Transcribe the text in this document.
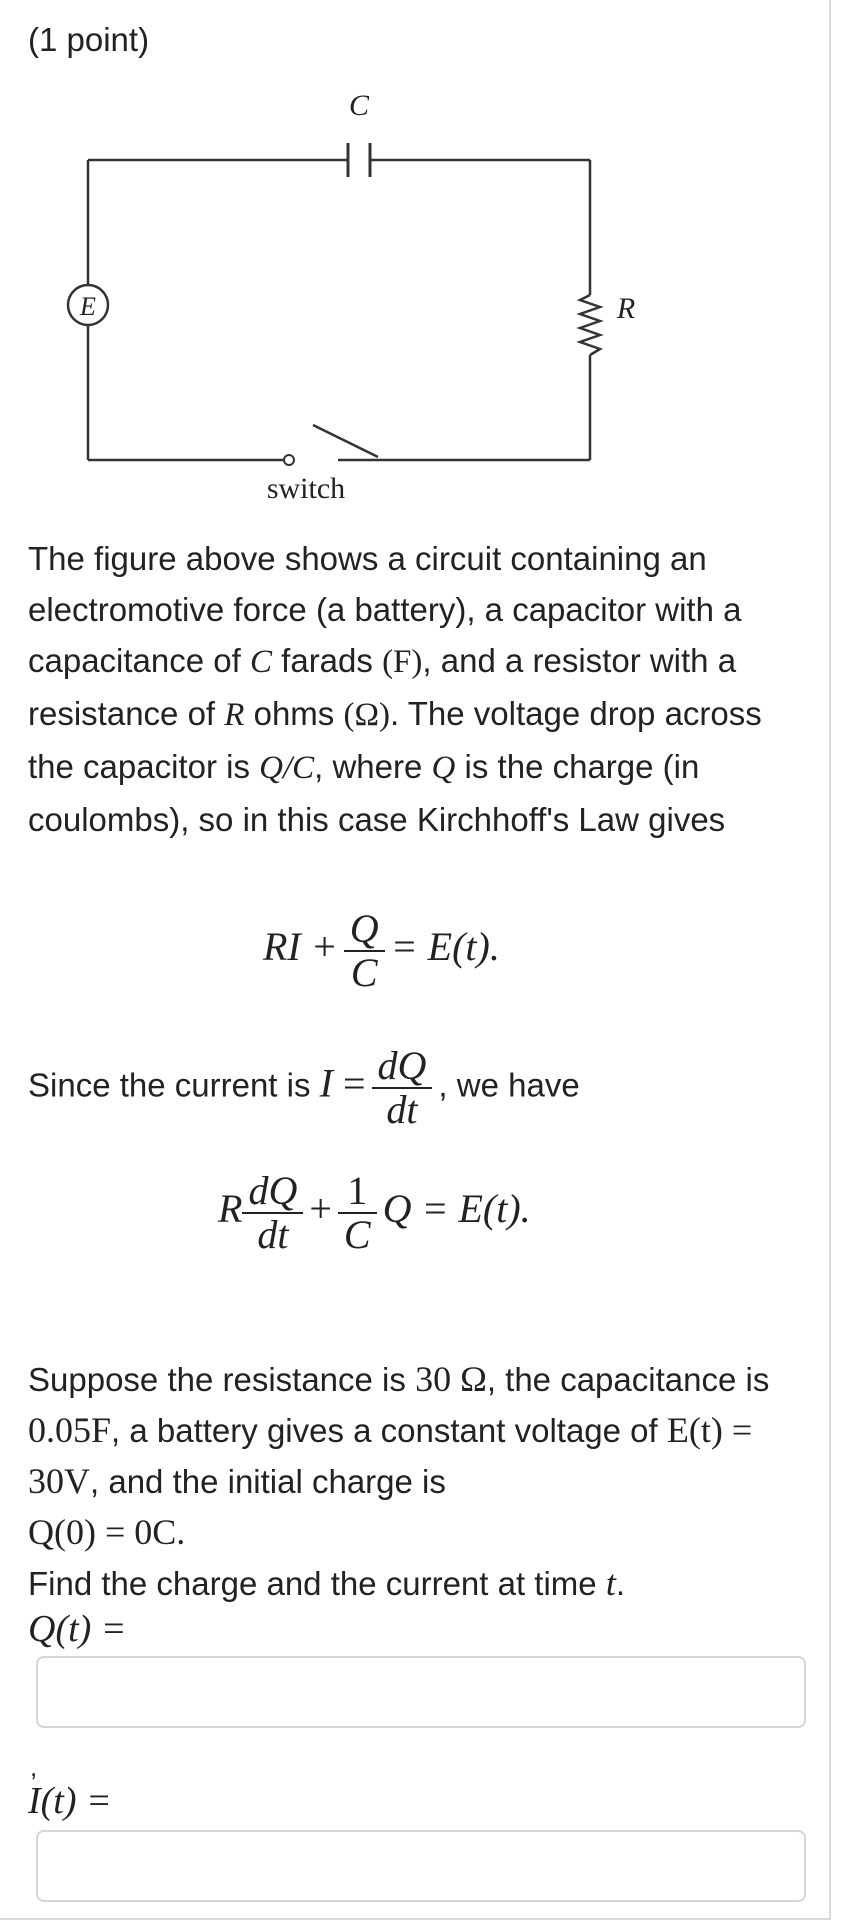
(1 point)
C
E	R
switch

The figure above shows a circuit containing an electromotive force (a battery), a capacitor with a capacitance of C farads (F), and a resistor with a resistance of R ohms (Ω). The voltage drop across the capacitor is Q/C, where Q is the charge (in coulombs), so in this case Kirchhoff's Law gives

RI + $\frac{Q}{C} = E(t)$.
Since the current is $I = \frac{dQ}{dt}$ , we have
R $\frac{dQ}{dt} + \frac{1}{C}$ Q = E(t).

Suppose the resistance is 30 Ω, the capacitance is 0.05F, a battery gives a constant voltage of E(t) = 30V, and the initial charge is
Q(0) = 0C.
Find the charge and the current at time t.

Q(t) =
,
I(t) =
